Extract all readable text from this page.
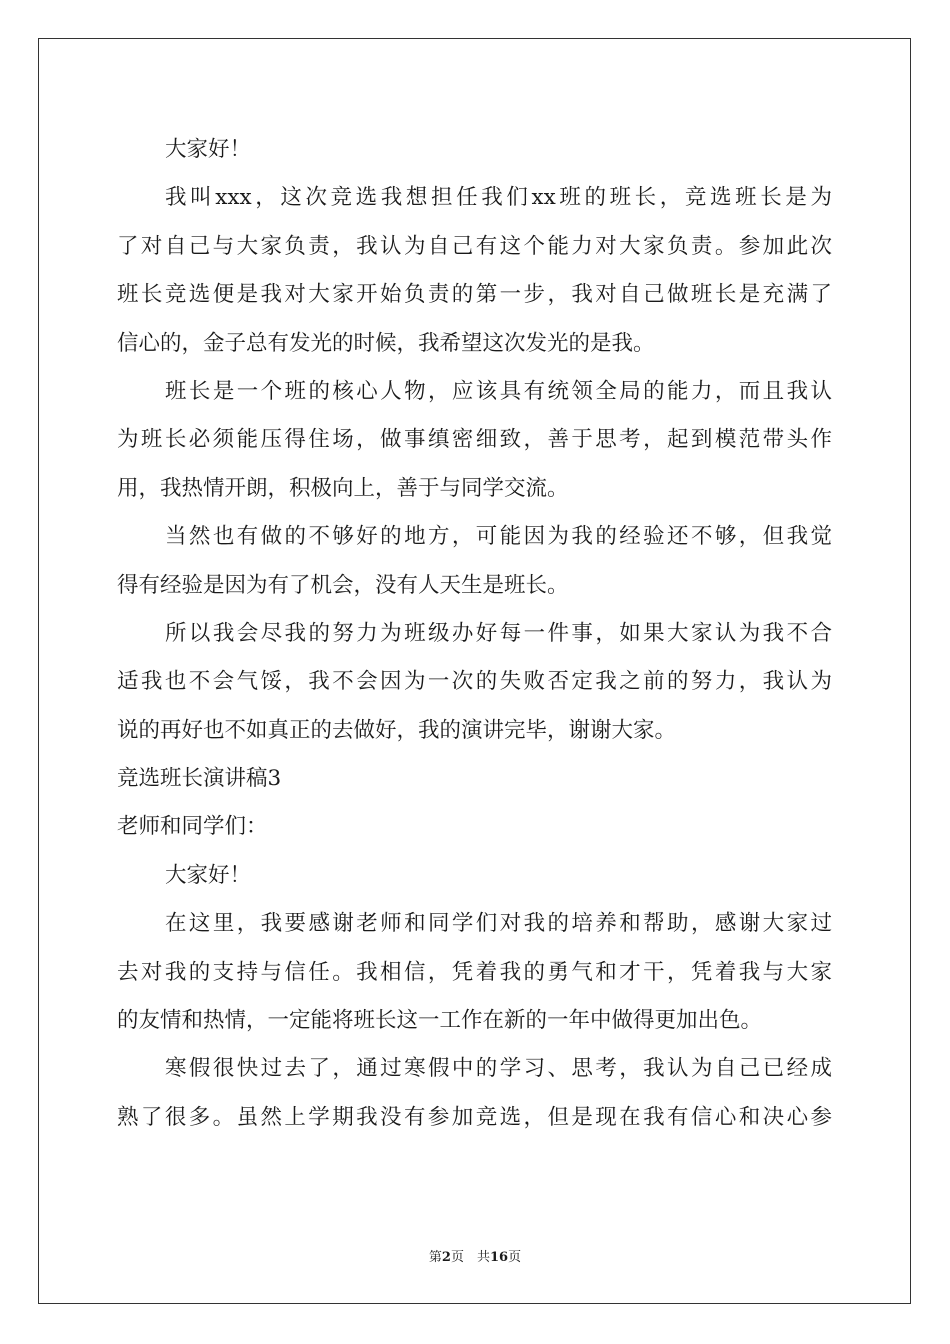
大家好！
我叫xxx，这次竞选我想担任我们xx班的班长，竞选班长是为
了对自己与大家负责，我认为自己有这个能力对大家负责。参加此次
班长竞选便是我对大家开始负责的第一步，我对自己做班长是充满了
信心的，金子总有发光的时候，我希望这次发光的是我。
班长是一个班的核心人物，应该具有统领全局的能力，而且我认
为班长必须能压得住场，做事缜密细致，善于思考，起到模范带头作
用，我热情开朗，积极向上，善于与同学交流。
当然也有做的不够好的地方，可能因为我的经验还不够，但我觉
得有经验是因为有了机会，没有人天生是班长。
所以我会尽我的努力为班级办好每一件事，如果大家认为我不合
适我也不会气馁，我不会因为一次的失败否定我之前的努力，我认为
说的再好也不如真正的去做好，我的演讲完毕，谢谢大家。
竞选班长演讲稿3
老师和同学们：
大家好！
在这里，我要感谢老师和同学们对我的培养和帮助，感谢大家过
去对我的支持与信任。我相信，凭着我的勇气和才干，凭着我与大家
的友情和热情，一定能将班长这一工作在新的一年中做得更加出色。
寒假很快过去了，通过寒假中的学习、思考，我认为自己已经成
熟了很多。虽然上学期我没有参加竞选，但是现在我有信心和决心参
第2页　共16页
